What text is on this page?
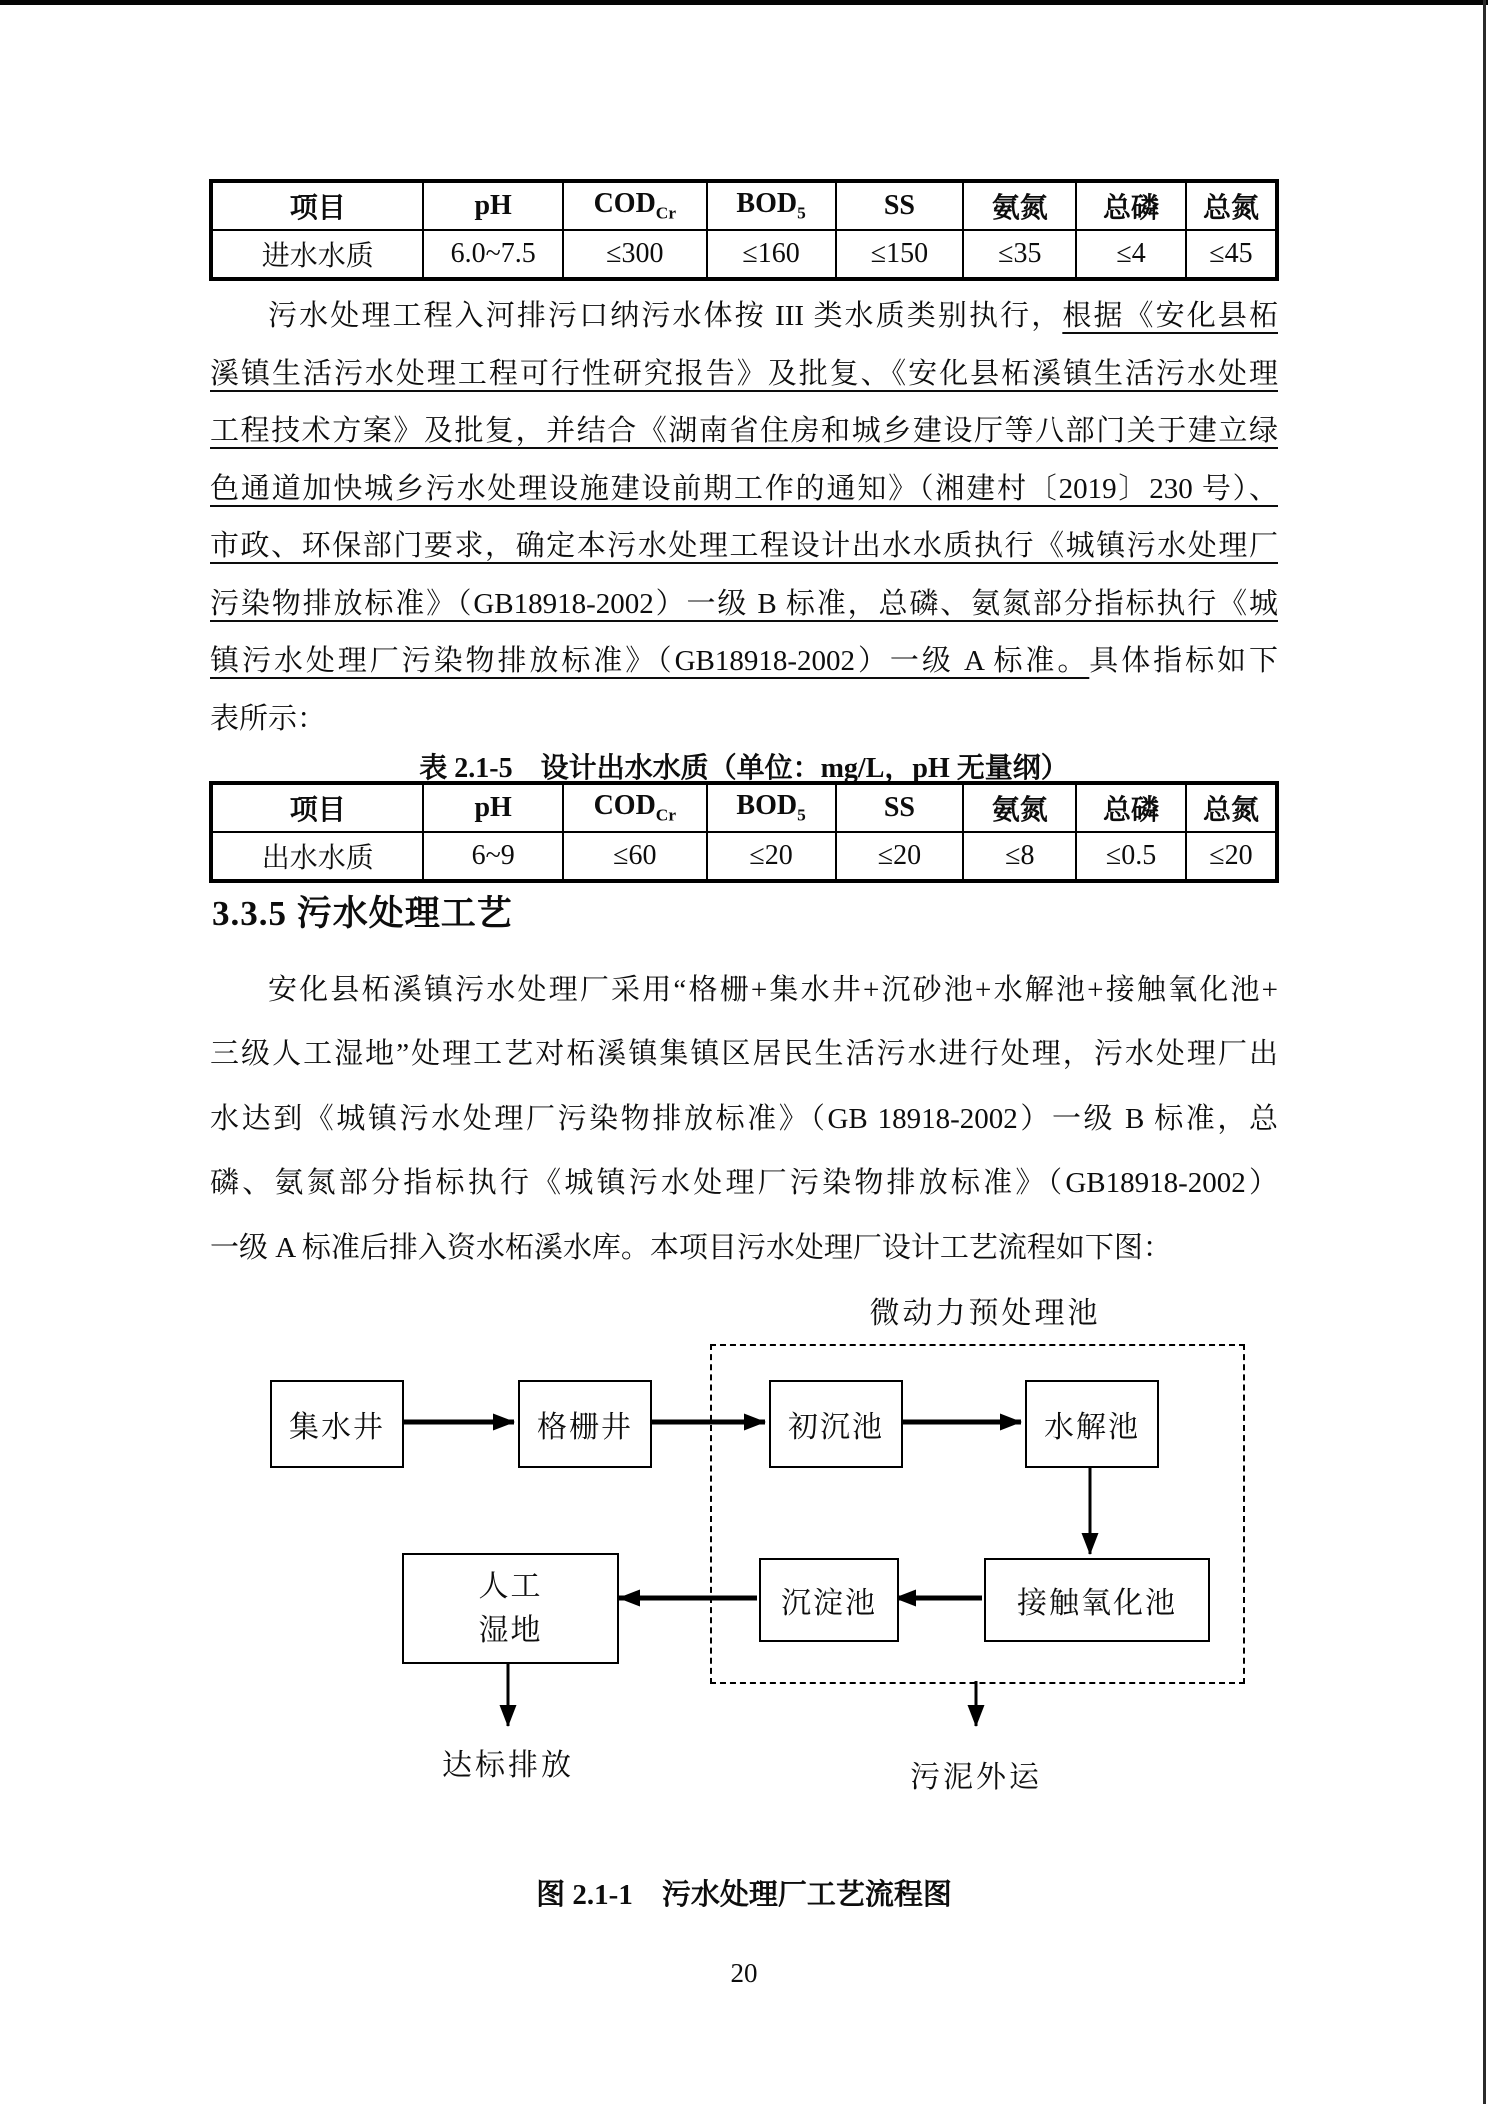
项目	pH	$COD_{Cr}$	$BOD_5$	SS	氨氮	总磷	总氮
进水水质	6.0~7.5	≤300	≤160	≤150	≤35	≤4	≤45
污水处理工程入河排污口纳污水体按 III 类水质类别执行，根据《安化县柘
溪镇生活污水处理工程可行性研究报告》及批复、《安化县柘溪镇生活污水处理
工程技术方案》及批复，并结合《湖南省住房和城乡建设厅等八部门关于建立绿
色通道加快城乡污水处理设施建设前期工作的通知》（湘建村〔2019〕230 号）、
市政、环保部门要求，确定本污水处理工程设计出水水质执行《城镇污水处理厂
污染物排放标准》（GB18918-2002）一级 B 标准，总磷、氨氮部分指标执行《城
镇污水处理厂污染物排放标准》（GB18918-2002）一级 A 标准。具体指标如下
表所示：
表 2.1-5　设计出水水质（单位：mg/L，pH 无量纲）
项目	pH	$COD_{Cr}$	$BOD_5$	SS	氨氮	总磷	总氮
出水水质	6~9	≤60	≤20	≤20	≤8	≤0.5	≤20
3.3.5 污水处理工艺
安化县柘溪镇污水处理厂采用“格栅+集水井+沉砂池+水解池+接触氧化池+
三级人工湿地”处理工艺对柘溪镇集镇区居民生活污水进行处理，污水处理厂出
水达到《城镇污水处理厂污染物排放标准》（GB 18918-2002）一级 B 标准，总
磷、氨氮部分指标执行《城镇污水处理厂污染物排放标准》（GB18918-2002）
一级 A 标准后排入资水柘溪水库。本项目污水处理厂设计工艺流程如下图：
微动力预处理池
集水井	格栅井	初沉池	水解池
人工
湿地
沉淀池	接触氧化池
达标排放	污泥外运
图 2.1-1　污水处理厂工艺流程图
20
